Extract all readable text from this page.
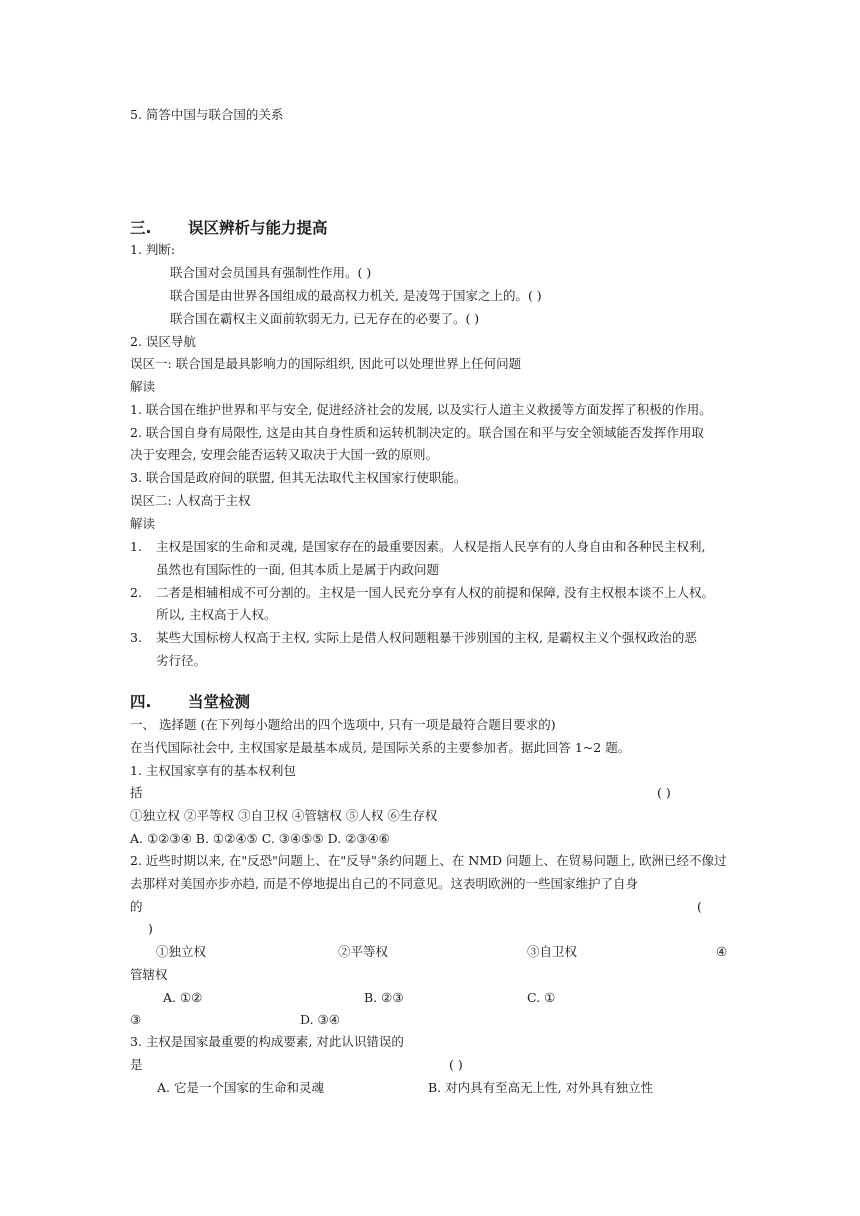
5. 简答中国与联合国的关系
三. 误区辨析与能力提高
1. 判断:
联合国对会员国具有强制性作用。( )
联合国是由世界各国组成的最高权力机关, 是凌驾于国家之上的。( )
联合国在霸权主义面前软弱无力, 已无存在的必要了。( )
2. 误区导航
误区一: 联合国是最具影响力的国际组织, 因此可以处理世界上任何问题
解读
1. 联合国在维护世界和平与安全, 促进经济社会的发展, 以及实行人道主义救援等方面发挥了积极的作用。
2. 联合国自身有局限性, 这是由其自身性质和运转机制决定的。联合国在和平与安全领域能否发挥作用取
决于安理会, 安理会能否运转又取决于大国一致的原则。
3. 联合国是政府间的联盟, 但其无法取代主权国家行使职能。
误区二: 人权高于主权
解读
1. 主权是国家的生命和灵魂, 是国家存在的最重要因素。人权是指人民享有的人身自由和各种民主权利,
虽然也有国际性的一面, 但其本质上是属于内政问题
2. 二者是相辅相成不可分割的。主权是一国人民充分享有人权的前提和保障, 没有主权根本谈不上人权。
所以, 主权高于人权。
3. 某些大国标榜人权高于主权, 实际上是借人权问题粗暴干涉别国的主权, 是霸权主义个强权政治的恶
劣行径。
四. 当堂检测
一、 选择题 (在下列每小题给出的四个选项中, 只有一项是最符合题目要求的)
在当代国际社会中, 主权国家是最基本成员, 是国际关系的主要参加者。据此回答 1~2 题。
1. 主权国家享有的基本权利包
括	( )
①独立权 ②平等权 ③自卫权 ④管辖权 ⑤人权 ⑥生存权
A. ①②③④ B. ①②④⑤ C. ③④⑤⑤ D. ②③④⑥
2. 近些时期以来, 在"反恐"问题上、在"反导"条约问题上、在 NMD 问题上、在贸易问题上, 欧洲已经不像过
去那样对美国亦步亦趋, 而是不停地提出自己的不同意见。这表明欧洲的一些国家维护了自身
的	(
)
①独立权	②平等权	③自卫权	④
管辖权
A. ①②	B. ②③	C. ①
③	D. ③④
3. 主权是国家最重要的构成要素, 对此认识错误的
是	( )
A. 它是一个国家的生命和灵魂	B. 对内具有至高无上性, 对外具有独立性
